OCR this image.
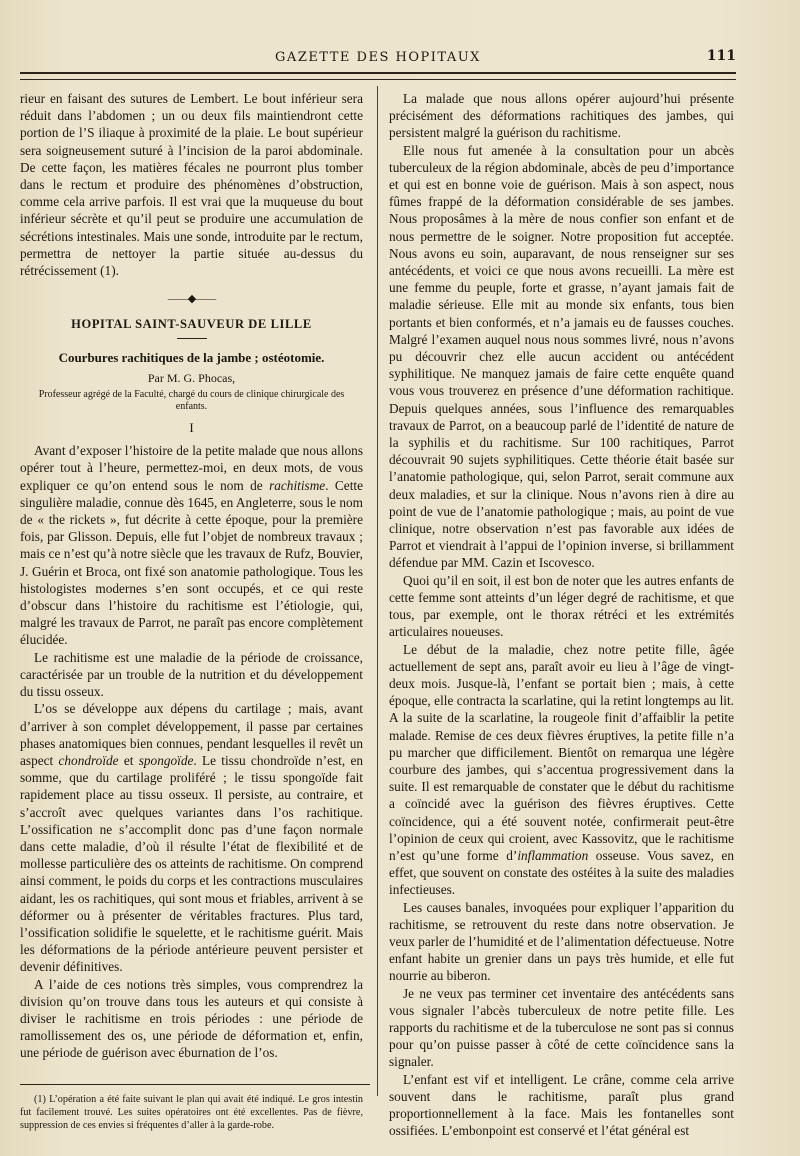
GAZETTE DES HOPITAUX	111

rieur en faisant des sutures de Lembert. Le bout inférieur sera réduit dans l’abdomen ; un ou deux fils maintiendront cette portion de l’S iliaque à proximité de la plaie. Le bout supérieur sera soigneusement suturé à l’incision de la paroi abdominale. De cette façon, les matières fécales ne pourront plus tomber dans le rectum et produire des phénomènes d’obstruction, comme cela arrive parfois. Il est vrai que la muqueuse du bout inférieur sécrète et qu’il peut se produire une accumulation de sécrétions intestinales. Mais une sonde, introduite par le rectum, permettra de nettoyer la partie située au-dessus du rétrécissement (1).

——◆——
HOPITAL SAINT-SAUVEUR DE LILLE
Courbures rachitiques de la jambe ; ostéotomie.
Par M. G. Phocas,
Professeur agrégé de la Faculté, chargé du cours de clinique chirurgicale des enfants.
I

Avant d’exposer l’histoire de la petite malade que nous allons opérer tout à l’heure, permettez-moi, en deux mots, de vous expliquer ce qu’on entend sous le nom de rachitisme. Cette singulière maladie, connue dès 1645, en Angleterre, sous le nom de « the rickets », fut décrite à cette époque, pour la première fois, par Glisson. Depuis, elle fut l’objet de nombreux travaux ; mais ce n’est qu’à notre siècle que les travaux de Rufz, Bouvier, J. Guérin et Broca, ont fixé son anatomie pathologique. Tous les histologistes modernes s’en sont occupés, et ce qui reste d’obscur dans l’histoire du rachitisme est l’étiologie, qui, malgré les travaux de Parrot, ne paraît pas encore complètement élucidée.

Le rachitisme est une maladie de la période de croissance, caractérisée par un trouble de la nutrition et du développement du tissu osseux.

L’os se développe aux dépens du cartilage ; mais, avant d’arriver à son complet développement, il passe par certaines phases anatomiques bien connues, pendant lesquelles il revêt un aspect chondroïde et spongoïde. Le tissu chondroïde n’est, en somme, que du cartilage proliféré ; le tissu spongoïde fait rapidement place au tissu osseux. Il persiste, au contraire, et s’accroît avec quelques variantes dans l’os rachitique. L’ossification ne s’accomplit donc pas d’une façon normale dans cette maladie, d’où il résulte l’état de flexibilité et de mollesse particulière des os atteints de rachitisme. On comprend ainsi comment, le poids du corps et les contractions musculaires aidant, les os rachitiques, qui sont mous et friables, arrivent à se déformer ou à présenter de véritables fractures. Plus tard, l’ossification solidifie le squelette, et le rachitisme guérit. Mais les déformations de la période antérieure peuvent persister et devenir définitives.

A l’aide de ces notions très simples, vous comprendrez la division qu’on trouve dans tous les auteurs et qui consiste à diviser le rachitisme en trois périodes : une période de ramollissement des os, une période de déformation et, enfin, une période de guérison avec éburnation de l’os.

(1) L’opération a été faite suivant le plan qui avait été indiqué. Le gros intestin fut facilement trouvé. Les suites opératoires ont été excellentes. Pas de fièvre, suppression de ces envies si fréquentes d’aller à la garde-robe.

La malade que nous allons opérer aujourd’hui présente précisément des déformations rachitiques des jambes, qui persistent malgré la guérison du rachitisme.

Elle nous fut amenée à la consultation pour un abcès tuberculeux de la région abdominale, abcès de peu d’importance et qui est en bonne voie de guérison. Mais à son aspect, nous fûmes frappé de la déformation considérable de ses jambes. Nous proposâmes à la mère de nous confier son enfant et de nous permettre de le soigner. Notre proposition fut acceptée. Nous avons eu soin, auparavant, de nous renseigner sur ses antécédents, et voici ce que nous avons recueilli. La mère est une femme du peuple, forte et grasse, n’ayant jamais fait de maladie sérieuse. Elle mit au monde six enfants, tous bien portants et bien conformés, et n’a jamais eu de fausses couches. Malgré l’examen auquel nous nous sommes livré, nous n’avons pu découvrir chez elle aucun accident ou antécédent syphilitique. Ne manquez jamais de faire cette enquête quand vous vous trouverez en présence d’une déformation rachitique. Depuis quelques années, sous l’influence des remarquables travaux de Parrot, on a beaucoup parlé de l’identité de nature de la syphilis et du rachitisme. Sur 100 rachitiques, Parrot découvrait 90 sujets syphilitiques. Cette théorie était basée sur l’anatomie pathologique, qui, selon Parrot, serait commune aux deux maladies, et sur la clinique. Nous n’avons rien à dire au point de vue de l’anatomie pathologique ; mais, au point de vue clinique, notre observation n’est pas favorable aux idées de Parrot et viendrait à l’appui de l’opinion inverse, si brillamment défendue par MM. Cazin et Iscovesco.

Quoi qu’il en soit, il est bon de noter que les autres enfants de cette femme sont atteints d’un léger degré de rachitisme, et que tous, par exemple, ont le thorax rétréci et les extrémités articulaires noueuses.

Le début de la maladie, chez notre petite fille, âgée actuellement de sept ans, paraît avoir eu lieu à l’âge de vingt-deux mois. Jusque-là, l’enfant se portait bien ; mais, à cette époque, elle contracta la scarlatine, qui la retint longtemps au lit. A la suite de la scarlatine, la rougeole finit d’affaiblir la petite malade. Remise de ces deux fièvres éruptives, la petite fille n’a pu marcher que difficilement. Bientôt on remarqua une légère courbure des jambes, qui s’accentua progressivement dans la suite. Il est remarquable de constater que le début du rachitisme a coïncidé avec la guérison des fièvres éruptives. Cette coïncidence, qui a été souvent notée, confirmerait peut-être l’opinion de ceux qui croient, avec Kassovitz, que le rachitisme n’est qu’une forme d’inflammation osseuse. Vous savez, en effet, que souvent on constate des ostéites à la suite des maladies infectieuses.

Les causes banales, invoquées pour expliquer l’apparition du rachitisme, se retrouvent du reste dans notre observation. Je veux parler de l’humidité et de l’alimentation défectueuse. Notre enfant habite un grenier dans un pays très humide, et elle fut nourrie au biberon.

Je ne veux pas terminer cet inventaire des antécédents sans vous signaler l’abcès tuberculeux de notre petite fille. Les rapports du rachitisme et de la tuberculose ne sont pas si connus pour qu’on puisse passer à côté de cette coïncidence sans la signaler.

L’enfant est vif et intelligent. Le crâne, comme cela arrive souvent dans le rachitisme, paraît plus grand proportionnellement à la face. Mais les fontanelles sont ossifiées. L’embonpoint est conservé et l’état général est
